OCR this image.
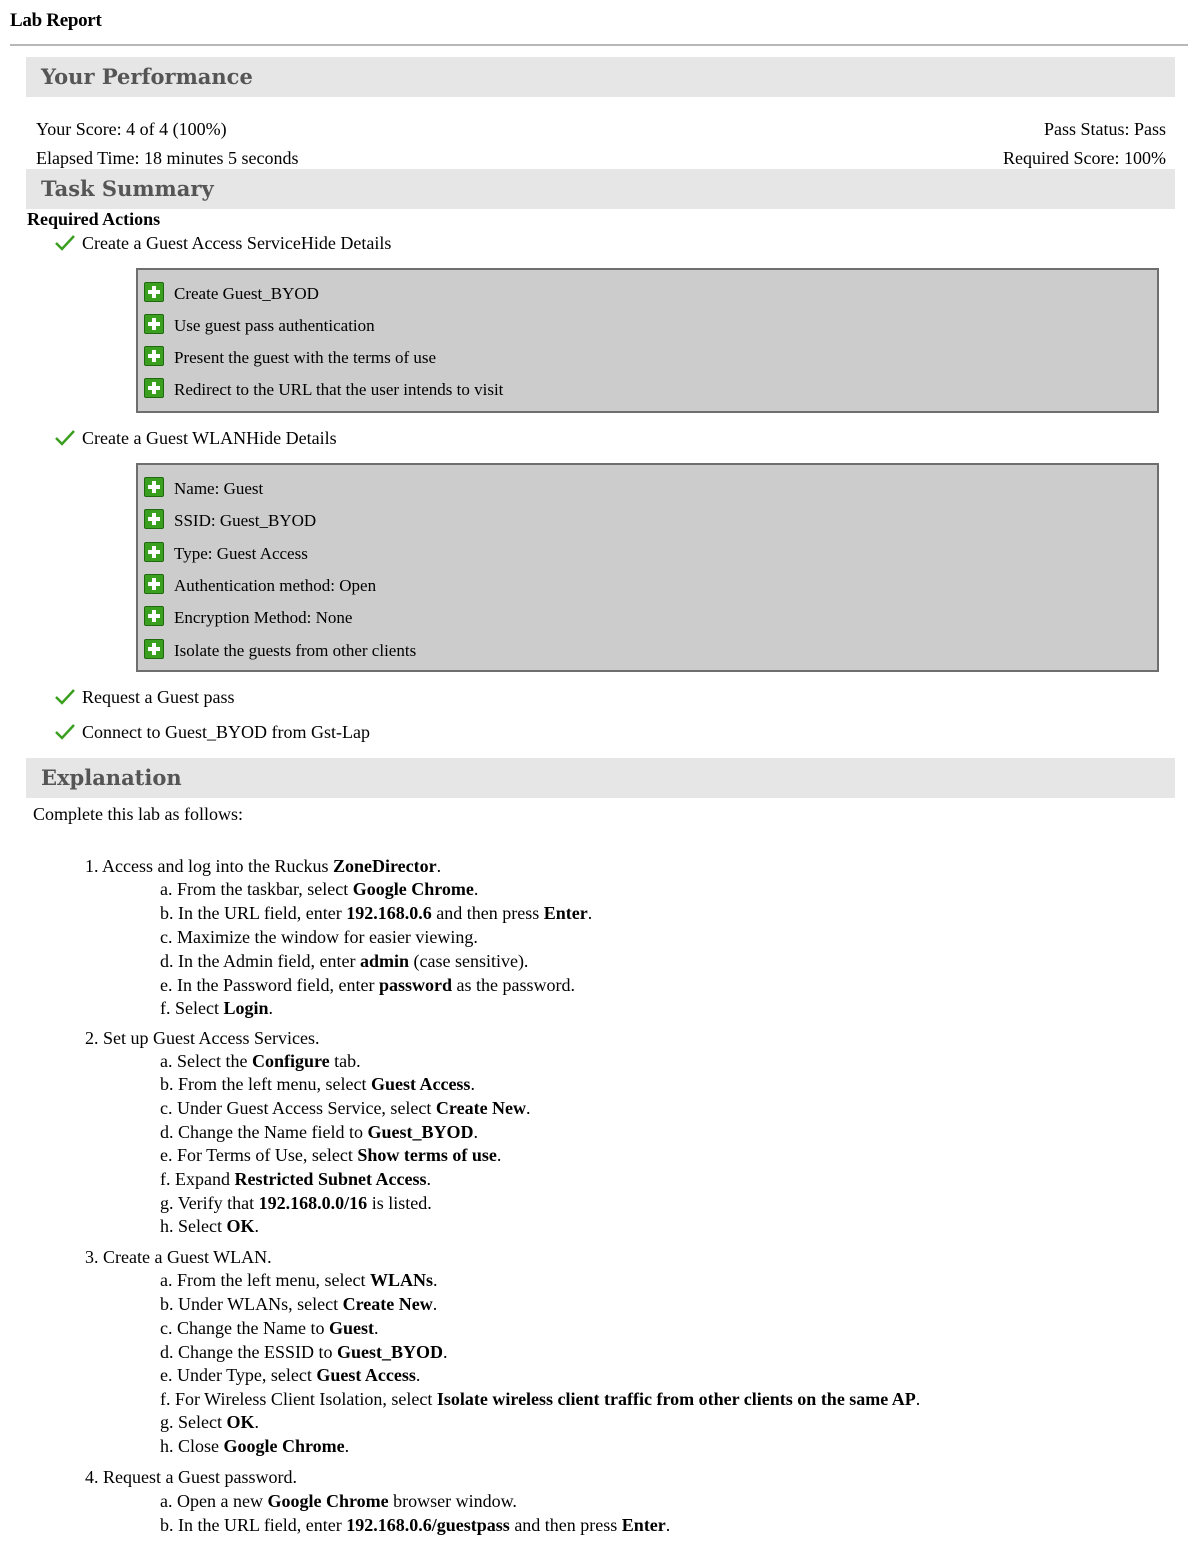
Lab Report
Your Performance
Your Score: 4 of 4 (100%)	Pass Status: Pass
Elapsed Time: 18 minutes 5 seconds	Required Score: 100%
Task Summary
Required Actions
Create a Guest Access ServiceHide Details
Create Guest_BYOD
Use guest pass authentication
Present the guest with the terms of use
Redirect to the URL that the user intends to visit
Create a Guest WLANHide Details
Name: Guest
SSID: Guest_BYOD
Type: Guest Access
Authentication method: Open
Encryption Method: None
Isolate the guests from other clients
Request a Guest pass
Connect to Guest_BYOD from Gst-Lap
Explanation
Complete this lab as follows:
1. Access and log into the Ruckus ZoneDirector.
a. From the taskbar, select Google Chrome.
b. In the URL field, enter 192.168.0.6 and then press Enter.
c. Maximize the window for easier viewing.
d. In the Admin field, enter admin (case sensitive).
e. In the Password field, enter password as the password.
f. Select Login.
2. Set up Guest Access Services.
a. Select the Configure tab.
b. From the left menu, select Guest Access.
c. Under Guest Access Service, select Create New.
d. Change the Name field to Guest_BYOD.
e. For Terms of Use, select Show terms of use.
f. Expand Restricted Subnet Access.
g. Verify that 192.168.0.0/16 is listed.
h. Select OK.
3. Create a Guest WLAN.
a. From the left menu, select WLANs.
b. Under WLANs, select Create New.
c. Change the Name to Guest.
d. Change the ESSID to Guest_BYOD.
e. Under Type, select Guest Access.
f. For Wireless Client Isolation, select Isolate wireless client traffic from other clients on the same AP.
g. Select OK.
h. Close Google Chrome.
4. Request a Guest password.
a. Open a new Google Chrome browser window.
b. In the URL field, enter 192.168.0.6/guestpass and then press Enter.
